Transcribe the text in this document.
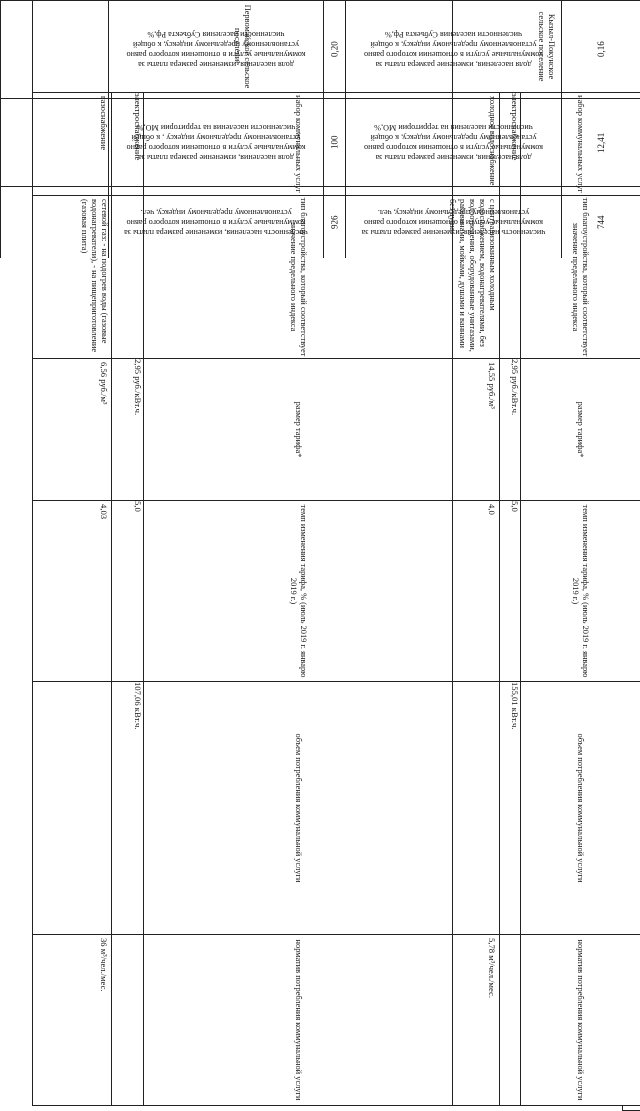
Кызыл-Покунское сельское поселение
набор коммунальных услуг
тип благоустройства, который соответствует значение предельного индекса
размер тарифа*
темп изменения тарифа, % (июль 2019 г. январю 2019 г.)
объем потребления коммунальной услуги
норматив потребления коммунальной услуги
электроснабжение
2,95 руб./кВт.ч.
5,0
155,01 кВт.ч.
холодное водоснабжение
с централизованным холодным водоснабжением, водонагревателями, без водоотведения, оборудованные унитазами, раковинами, мойками, душами и ваннами без душа
14,55 руб./м³
4,0
5,78 м³/чел./мес.
Первомайское сельское поселение
набор коммунальных услуг
тип благоустройства, который соответствует значение предельного индекса
размер тарифа*
темп изменения тарифа, % (июль 2019 г. январю 2019 г.)
объем потребления коммунальной услуги
норматив потребления коммунальной услуги
электроснабжение
2,95 руб./кВт.ч.
5,0
107,06 кВт.ч.
газоснабжение
сетевой газ: - на подогрев воды (газовые водонагреватели), - на пищеприготовление (газовая плита)
6,56 руб./м³
4,03
36 м³/чел./мес.
744
численность населения, изменение размера платы за коммунальные услуги в отношении которого равно установленному предельному индексу, чел.
926
численность населения, изменение размера платы за коммунальные услуги в отношении которого равно установленному предельному индексу, чел.
12,41
доля населения, изменение размера платы за коммунальные услуги в отношении которого равно установленному предельному индексу, к общей численности населения на территории МО,%
100
доля населения, изменение размера платы за коммунальные услуги в отношении которого равно установленному предельному индексу , к общей численности населения на территории МО,%
0,16
доля населения, изменение размера платы за коммунальные услуги в отношении которого равно установленному предельному индексу, к общей численности населения Субъекта Рф,%
0,20
доля населения, изменение размера платы за коммунальные услуги в отношении которого равно установленному предельному индексу, к общей численности населения Субъекта Рф,%
